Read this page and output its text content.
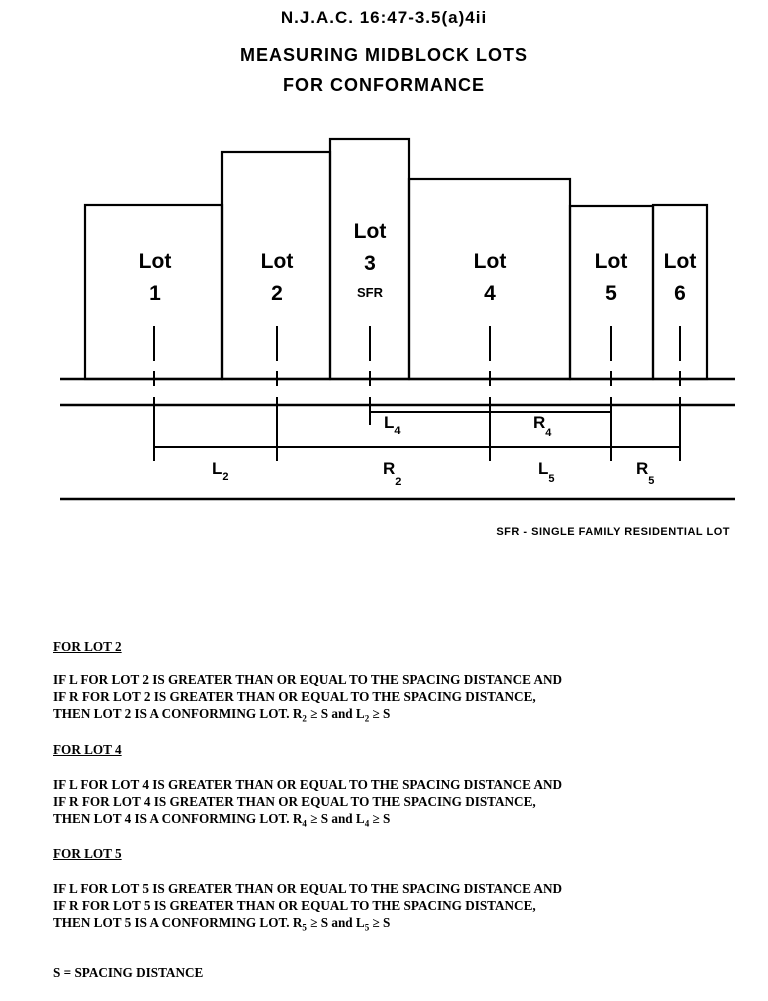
N.J.A.C. 16:47-3.5(a)4ii
MEASURING MIDBLOCK LOTS
FOR CONFORMANCE
Lot
1
Lot
2
Lot
3	Lot
4
Lot
5
Lot
6
SFR
$L_2$	$R_2$
$L_4$	$R_4$
$L_5$
$R_5$
SFR - SINGLE FAMILY RESIDENTIAL LOT
FOR LOT 2
IF L FOR LOT 2 IS GREATER THAN OR EQUAL TO THE SPACING DISTANCE AND
IF R FOR LOT 2 IS GREATER THAN OR EQUAL TO THE SPACING DISTANCE,
THEN LOT 2 IS A CONFORMING LOT. $R_2 \ge S$ and $L_2 \ge S$
FOR LOT 4
IF L FOR LOT 4 IS GREATER THAN OR EQUAL TO THE SPACING DISTANCE AND
IF R FOR LOT 4 IS GREATER THAN OR EQUAL TO THE SPACING DISTANCE,
THEN LOT 4 IS A CONFORMING LOT. $R_4 \ge S$ and $L_4 \ge S$
FOR LOT 5
IF L FOR LOT 5 IS GREATER THAN OR EQUAL TO THE SPACING DISTANCE AND
IF R FOR LOT 5 IS GREATER THAN OR EQUAL TO THE SPACING DISTANCE,
THEN LOT 5 IS A CONFORMING LOT. $R_5 \ge S$ and $L_5 \ge S$
S = SPACING DISTANCE
